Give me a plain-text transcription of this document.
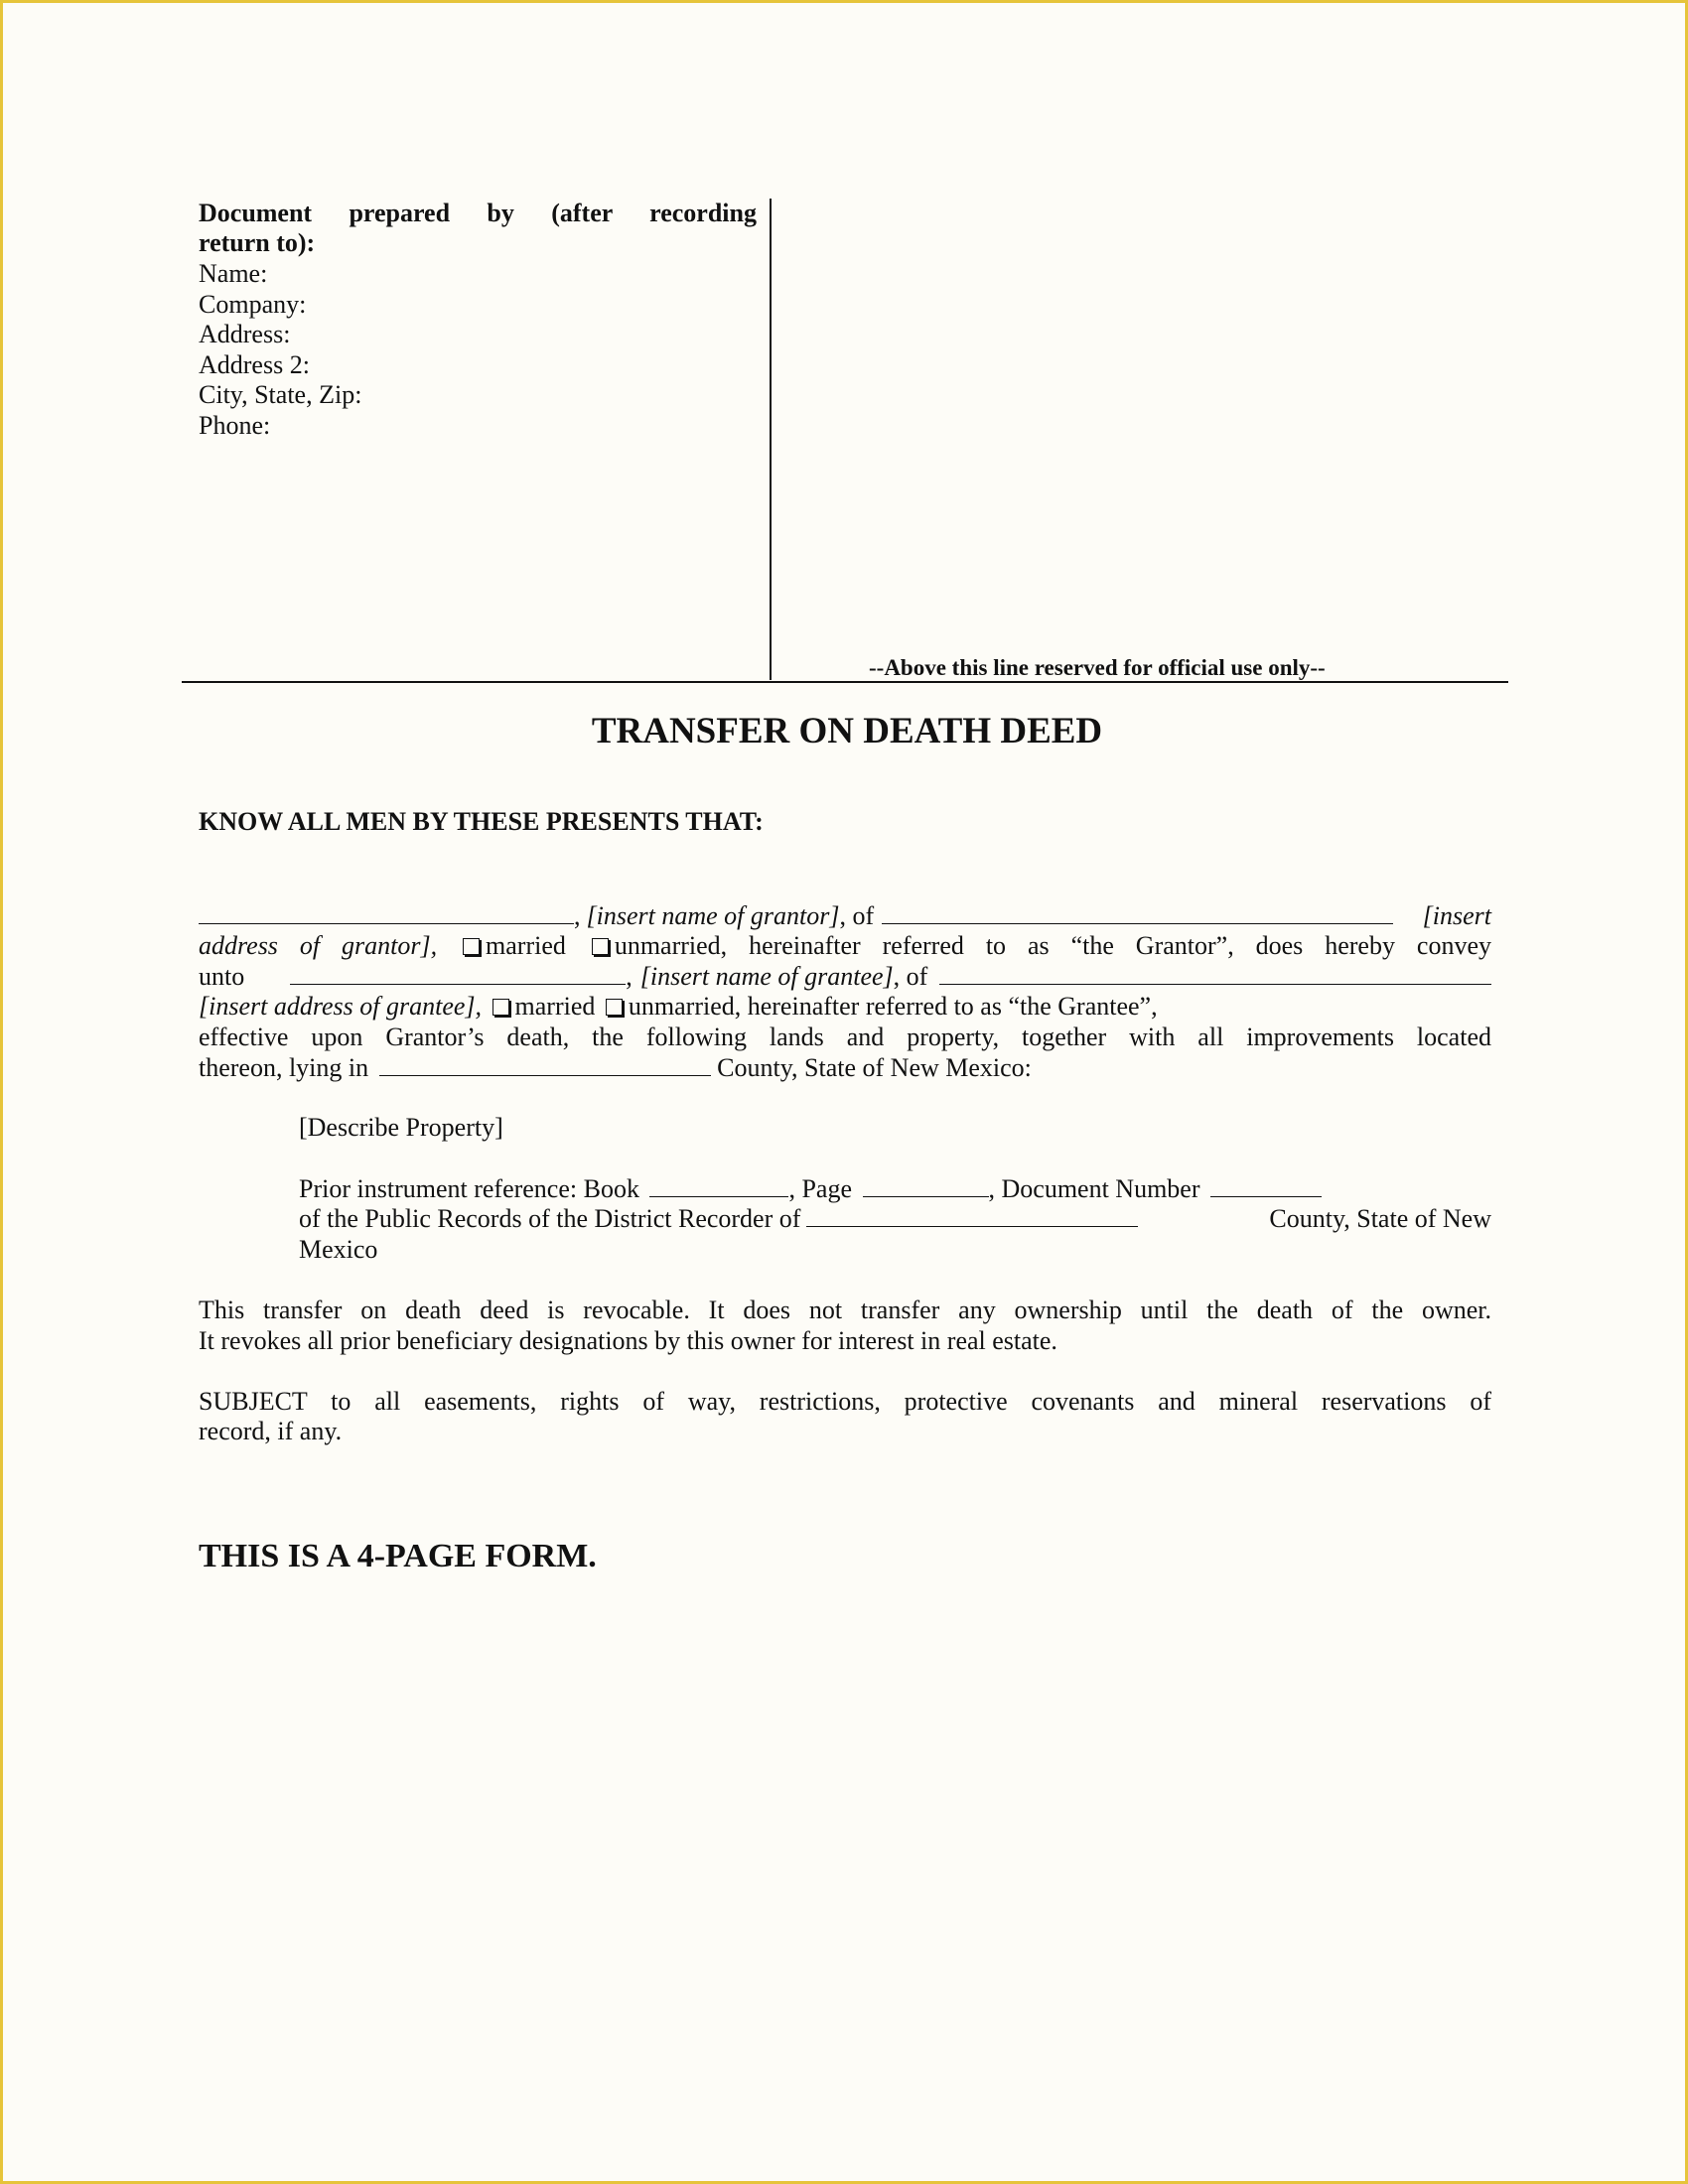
Document prepared by (after recording
return to):
Name:
Company:
Address:
Address 2:
City, State, Zip:
Phone:
--Above this line reserved for official use only--
TRANSFER ON DEATH DEED
KNOW ALL MEN BY THESE PRESENTS THAT:
, [insert name of grantor] , of	[insert
address of grantor], married unmarried, hereinafter referred to as “the Grantor”, does hereby convey
unto	, [insert name of grantee] , of
[insert address of grantee], married unmarried, hereinafter referred to as “the Grantee”,
effective upon Grantor’s death, the following lands and property, together with all improvements located
thereon, lying in	County, State of New Mexico:
[Describe Property]
Prior instrument reference: Book	, Page	, Document Number
of the Public Records of the District Recorder of	County, State of New
Mexico
This transfer on death deed is revocable. It does not transfer any ownership until the death of the owner.
It revokes all prior beneficiary designations by this owner for interest in real estate.
SUBJECT to all easements, rights of way, restrictions, protective covenants and mineral reservations of
record, if any.
THIS IS A 4-PAGE FORM.
